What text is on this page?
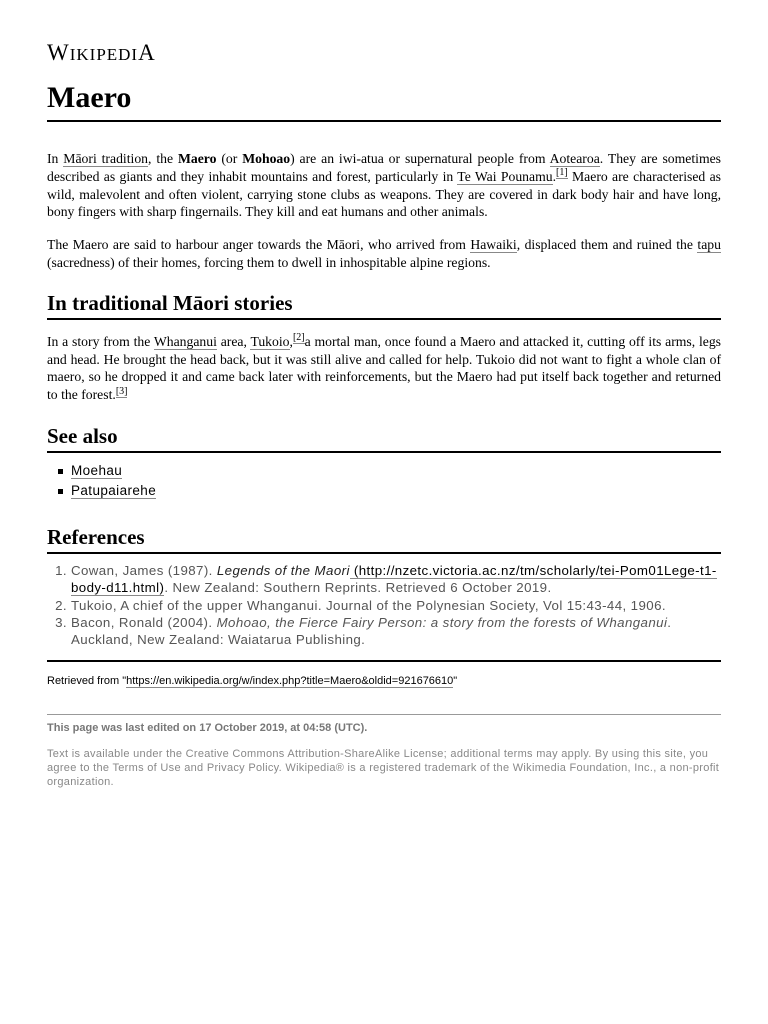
WIKIPEDIA
Maero

In Māori tradition, the Maero (or Mohoao) are an iwi-atua or supernatural people from Aotearoa. They are sometimes described as giants and they inhabit mountains and forest, particularly in Te Wai Pounamu.[1] Maero are characterised as wild, malevolent and often violent, carrying stone clubs as weapons. They are covered in dark body hair and have long, bony fingers with sharp fingernails. They kill and eat humans and other animals.

The Maero are said to harbour anger towards the Māori, who arrived from Hawaiki, displaced them and ruined the tapu (sacredness) of their homes, forcing them to dwell in inhospitable alpine regions.

In traditional Māori stories

In a story from the Whanganui area, Tukoio,[2]a mortal man, once found a Maero and attacked it, cutting off its arms, legs and head. He brought the head back, but it was still alive and called for help. Tukoio did not want to fight a whole clan of maero, so he dropped it and came back later with reinforcements, but the Maero had put itself back together and returned to the forest.[3]

See also
Moehau
Patupaiarehe
References
1. Cowan, James (1987). Legends of the Maori (http://nzetc.victoria.ac.nz/tm/scholarly/tei-Pom01Lege-t1-body-d11.html). New Zealand: Southern Reprints. Retrieved 6 October 2019.
2. Tukoio, A chief of the upper Whanganui. Journal of the Polynesian Society, Vol 15:43-44, 1906.
3. Bacon, Ronald (2004). Mohoao, the Fierce Fairy Person: a story from the forests of Whanganui. Auckland, New Zealand: Waiatarua Publishing.
Retrieved from "https://en.wikipedia.org/w/index.php?title=Maero&oldid=921676610"
This page was last edited on 17 October 2019, at 04:58 (UTC).
Text is available under the Creative Commons Attribution-ShareAlike License; additional terms may apply. By using this site, you agree to the Terms of Use and Privacy Policy. Wikipedia® is a registered trademark of the Wikimedia Foundation, Inc., a non-profit organization.
